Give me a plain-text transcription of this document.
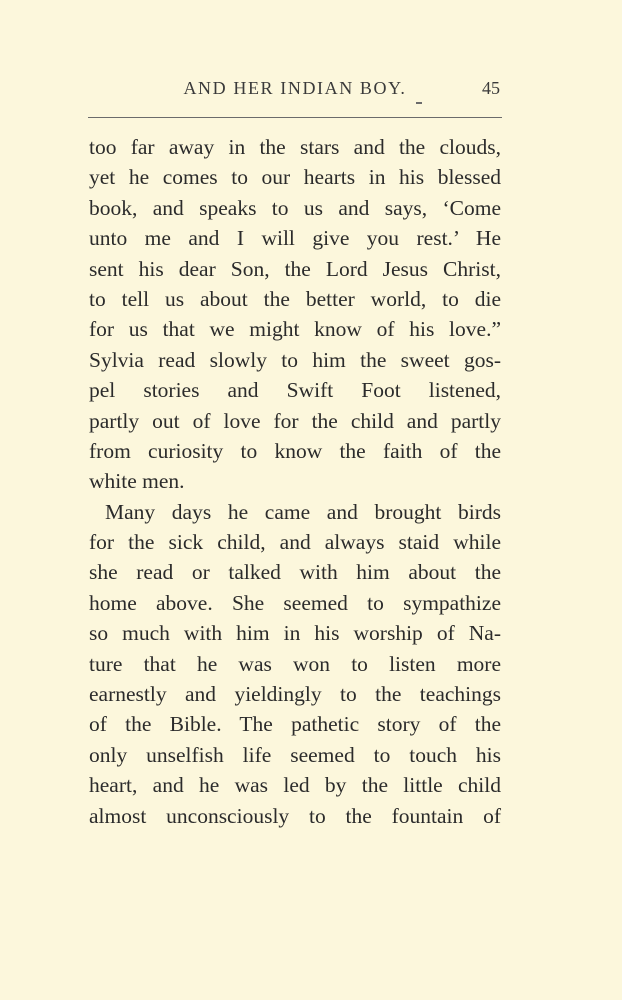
AND HER INDIAN BOY.	45
too far away in the stars and the clouds,
yet he comes to our hearts in his blessed
book, and speaks to us and says, ‘Come
unto me and I will give you rest.’ He
sent his dear Son, the Lord Jesus Christ,
to tell us about the better world, to die
for us that we might know of his love.”
Sylvia read slowly to him the sweet gos-
pel stories and Swift Foot listened,
partly out of love for the child and partly
from curiosity to know the faith of the
white men.
Many days he came and brought birds
for the sick child, and always staid while
she read or talked with him about the
home above. She seemed to sympathize
so much with him in his worship of Na-
ture that he was won to listen more
earnestly and yieldingly to the teachings
of the Bible. The pathetic story of the
only unselfish life seemed to touch his
heart, and he was led by the little child
almost unconsciously to the fountain of
